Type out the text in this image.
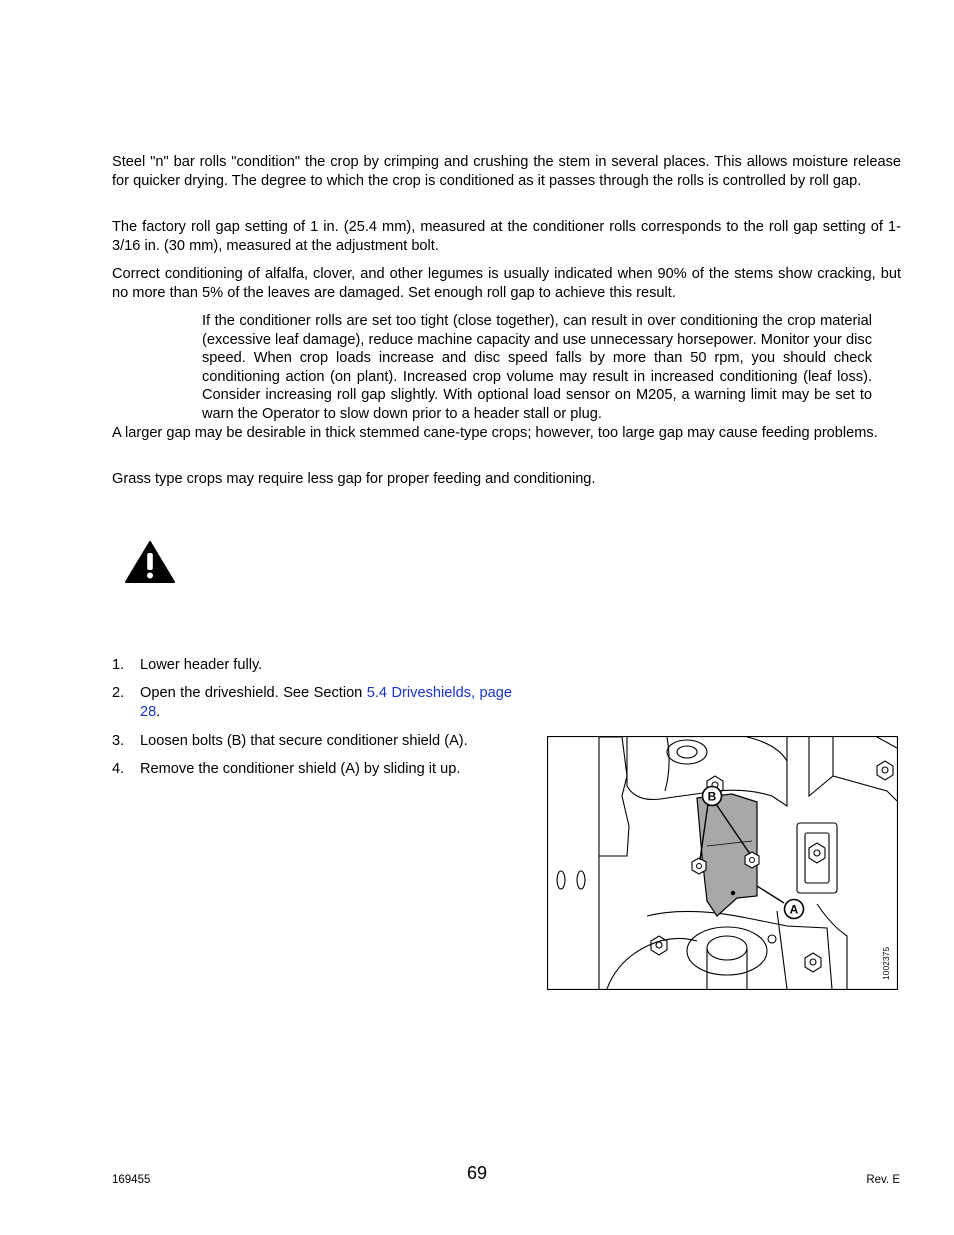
Steel "n" bar rolls "condition" the crop by crimping and crushing the stem in several places. This allows moisture release for quicker drying. The degree to which the crop is conditioned as it passes through the rolls is controlled by roll gap.

The factory roll gap setting of 1 in. (25.4 mm), measured at the conditioner rolls corresponds to the roll gap setting of 1-3/16 in. (30 mm), measured at the adjustment bolt.

Correct conditioning of alfalfa, clover, and other legumes is usually indicated when 90% of the stems show cracking, but no more than 5% of the leaves are damaged. Set enough roll gap to achieve this result.

If the conditioner rolls are set too tight (close together), can result in over conditioning the crop material (excessive leaf damage), reduce machine capacity and use unnecessary horsepower. Monitor your disc speed. When crop loads increase and disc speed falls by more than 50 rpm, you should check conditioning action (on plant). Increased crop volume may result in increased conditioning (leaf loss). Consider increasing roll gap slightly. With optional load sensor on M205, a warning limit may be set to warn the Operator to slow down prior to a header stall or plug.

A larger gap may be desirable in thick stemmed cane-type crops; however, too large gap may cause feeding problems.

Grass type crops may require less gap for proper feeding and conditioning.

1. Lower header fully.
2. Open the driveshield. See Section 5.4 Driveshields, page 28.
3. Loosen bolts (B) that secure conditioner shield (A).
4. Remove the conditioner shield (A) by sliding it up.
B
A
1002375
169455	69	Rev. E
